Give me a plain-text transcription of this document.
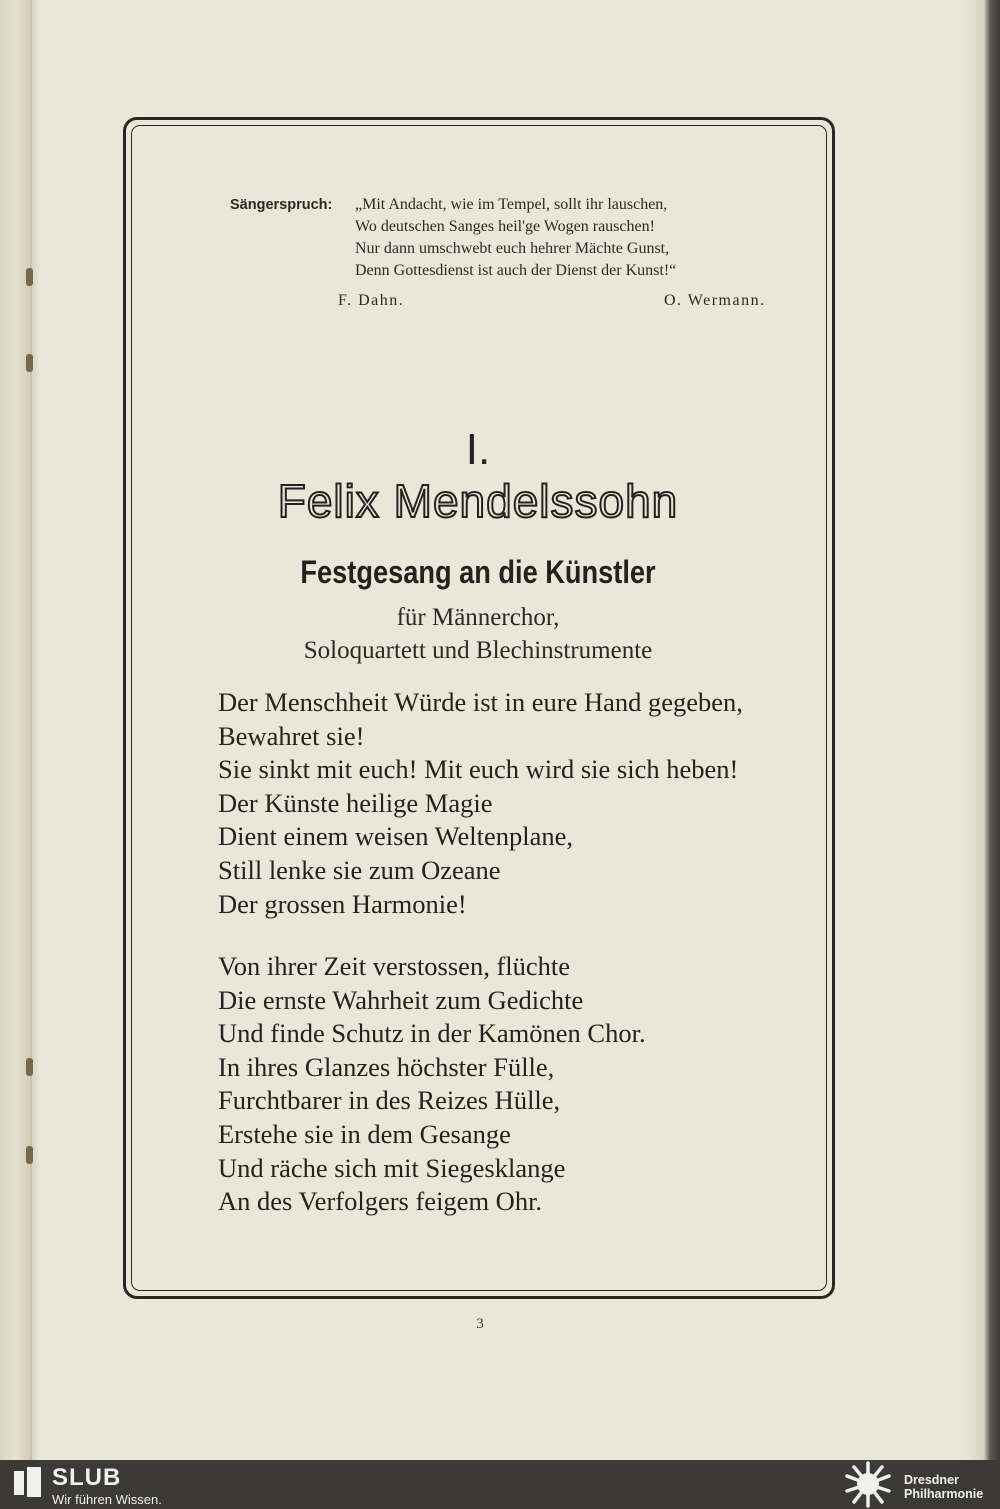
Sängerspruch: „Mit Andacht, wie im Tempel, sollt ihr lauschen,
Wo deutschen Sanges heil'ge Wogen rauschen!
Nur dann umschwebt euch hehrer Mächte Gunst,
Denn Gottesdienst ist auch der Dienst der Kunst!“
F. Dahn.	O. Wermann.
I.
Felix Mendelssohn
Festgesang an die Künstler
für Männerchor,
Soloquartett und Blechinstrumente
Der Menschheit Würde ist in eure Hand gegeben,
Bewahret sie!
Sie sinkt mit euch! Mit euch wird sie sich heben!
Der Künste heilige Magie
Dient einem weisen Weltenplane,
Still lenke sie zum Ozeane
Der grossen Harmonie!
Von ihrer Zeit verstossen, flüchte
Die ernste Wahrheit zum Gedichte
Und finde Schutz in der Kamönen Chor.
In ihres Glanzes höchster Fülle,
Furchtbarer in des Reizes Hülle,
Erstehe sie in dem Gesange
Und räche sich mit Siegesklange
An des Verfolgers feigem Ohr.
3
SLUB
Wir führen Wissen.
Dresdner
Philharmonie
